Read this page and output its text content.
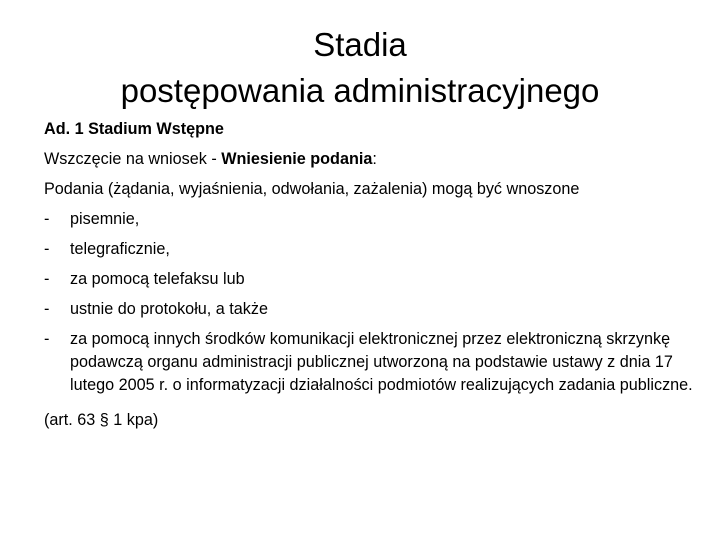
Stadia
postępowania administracyjnego
Ad. 1 Stadium Wstępne
Wszczęcie na wniosek - Wniesienie podania:
Podania (żądania, wyjaśnienia, odwołania, zażalenia) mogą być wnoszone
- pisemnie,
- telegraficznie,
- za pomocą telefaksu lub
- ustnie do protokołu, a także
- za pomocą innych środków komunikacji elektronicznej przez elektroniczną skrzynkę podawczą organu administracji publicznej utworzoną na podstawie ustawy z dnia 17 lutego 2005 r. o informatyzacji działalności podmiotów realizujących zadania publiczne.
(art. 63 § 1 kpa)
